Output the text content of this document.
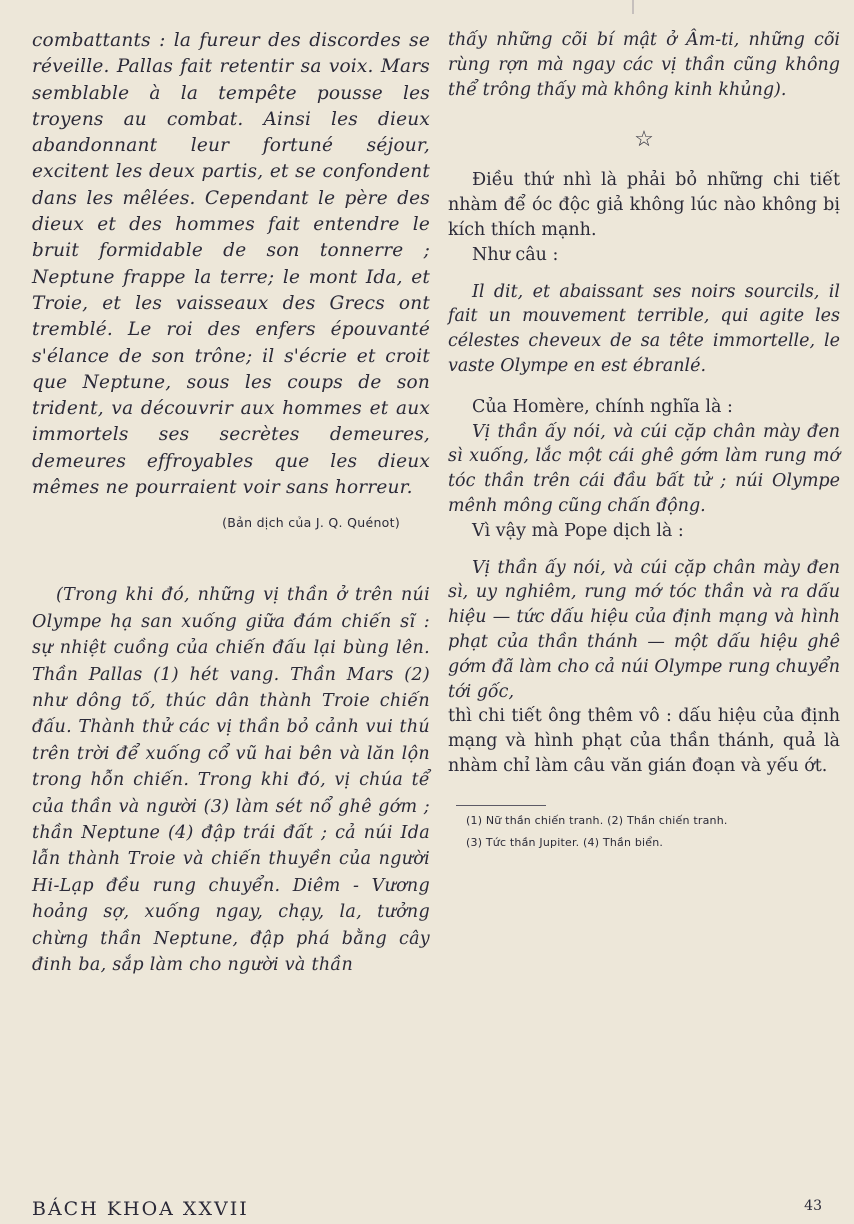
combattants : la fureur des discordes se réveille. Pallas fait retentir sa voix. Mars semblable à la tempête pousse les troyens au combat. Ainsi les dieux abandonnant leur fortuné séjour, excitent les deux partis, et se confondent dans les mêlées. Cependant le père des dieux et des hommes fait entendre le bruit formidable de son tonnerre ; Neptune frappe la terre; le mont Ida, et Troie, et les vaisseaux des Grecs ont tremblé. Le roi des enfers épouvanté s'élance de son trône; il s'écrie et croit que Neptune, sous les coups de son trident, va découvrir aux hommes et aux immortels ses secrètes demeures, demeures effroyables que les dieux mêmes ne pourraient voir sans horreur.

(Bản dịch của J. Q. Quénot)

(Trong khi đó, những vị thần ở trên núi Olympe hạ san xuống giữa đám chiến sĩ : sự nhiệt cuồng của chiến đấu lại bùng lên. Thần Pallas (1) hét vang. Thần Mars (2) như dông tố, thúc dân thành Troie chiến đấu. Thành thử các vị thần bỏ cảnh vui thú trên trời để xuống cổ vũ hai bên và lăn lộn trong hỗn chiến. Trong khi đó, vị chúa tể của thần và người (3) làm sét nổ ghê gớm ; thần Neptune (4) đập trái đất ; cả núi Ida lẫn thành Troie và chiến thuyền của người Hi-Lạp đều rung chuyển. Diêm - Vương hoảng sợ, xuống ngay, chạy, la, tưởng chừng thần Neptune, đập phá bằng cây đinh ba, sắp làm cho người và thần

thấy những cõi bí mật ở Âm-ti, những cõi rùng rợn mà ngay các vị thần cũng không thể trông thấy mà không kinh khủng).

☆

Điều thứ nhì là phải bỏ những chi tiết nhàm để óc độc giả không lúc nào không bị kích thích mạnh.

Như câu :

Il dit, et abaissant ses noirs sourcils, il fait un mouvement terrible, qui agite les célestes cheveux de sa tête immortelle, le vaste Olympe en est ébranlé.

Của Homère, chính nghĩa là :

Vị thần ấy nói, và cúi cặp chân mày đen sì xuống, lắc một cái ghê gớm làm rung mớ tóc thần trên cái đầu bất tử ; núi Olympe mênh mông cũng chấn động.

Vì vậy mà Pope dịch là :

Vị thần ấy nói, và cúi cặp chân mày đen sì, uy nghiêm, rung mớ tóc thần và ra dấu hiệu — tức dấu hiệu của định mạng và hình phạt của thần thánh — một dấu hiệu ghê gớm đã làm cho cả núi Olympe rung chuyển tới gốc,

thì chi tiết ông thêm vô : dấu hiệu của định mạng và hình phạt của thần thánh, quả là nhàm chỉ làm câu văn gián đoạn và yếu ớt.

(1) Nữ thần chiến tranh. (2) Thần chiến tranh.

(3) Tức thần Jupiter. (4) Thần biển.

BÁCH KHOA XXVII	43
